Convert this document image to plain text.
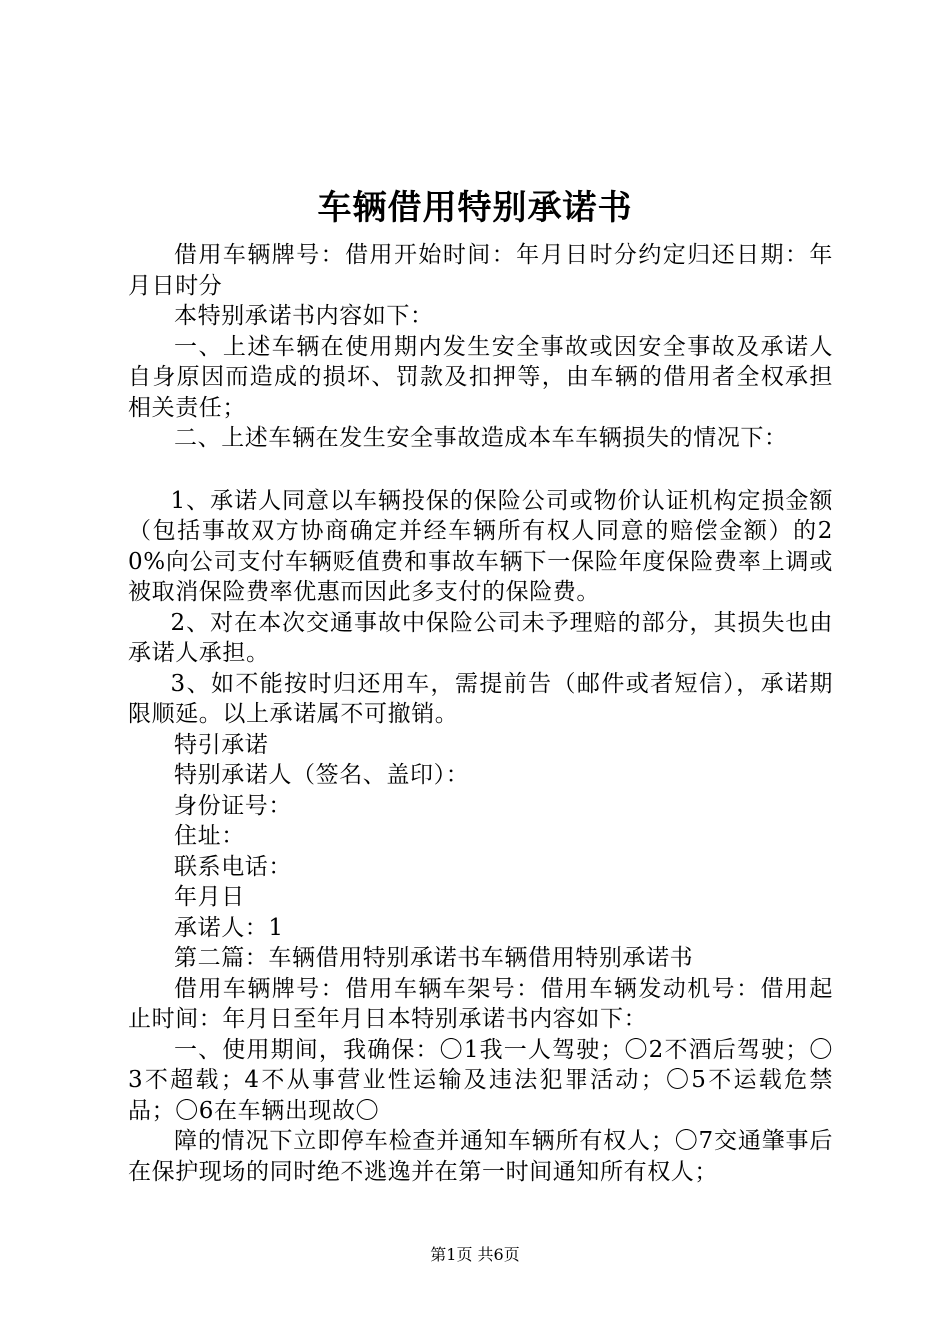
车辆借用特别承诺书

借用车辆牌号：借用开始时间：年月日时分约定归还日期：年月日时分

本特别承诺书内容如下：

一、上述车辆在使用期内发生安全事故或因安全事故及承诺人自身原因而造成的损坏、罚款及扣押等，由车辆的借用者全权承担相关责任；

二、上述车辆在发生安全事故造成本车车辆损失的情况下：

1、承诺人同意以车辆投保的保险公司或物价认证机构定损金额（包括事故双方协商确定并经车辆所有权人同意的赔偿金额）的20%向公司支付车辆贬值费和事故车辆下一保险年度保险费率上调或被取消保险费率优惠而因此多支付的保险费。

2、对在本次交通事故中保险公司未予理赔的部分，其损失也由承诺人承担。

3、如不能按时归还用车，需提前告（邮件或者短信），承诺期限顺延。以上承诺属不可撤销。

特引承诺

特别承诺人（签名、盖印）：

身份证号：

住址：

联系电话：

年月日

承诺人：1

第二篇：车辆借用特别承诺书车辆借用特别承诺书

借用车辆牌号：借用车辆车架号：借用车辆发动机号：借用起止时间：年月日至年月日本特别承诺书内容如下：

一、使用期间，我确保：〇1我一人驾驶；〇2不酒后驾驶；〇3不超载；4不从事营业性运输及违法犯罪活动；〇5不运载危禁品；〇6在车辆出现故〇

障的情况下立即停车检查并通知车辆所有权人；〇7交通肇事后在保护现场的同时绝不逃逸并在第一时间通知所有权人；

第1页 共6页
